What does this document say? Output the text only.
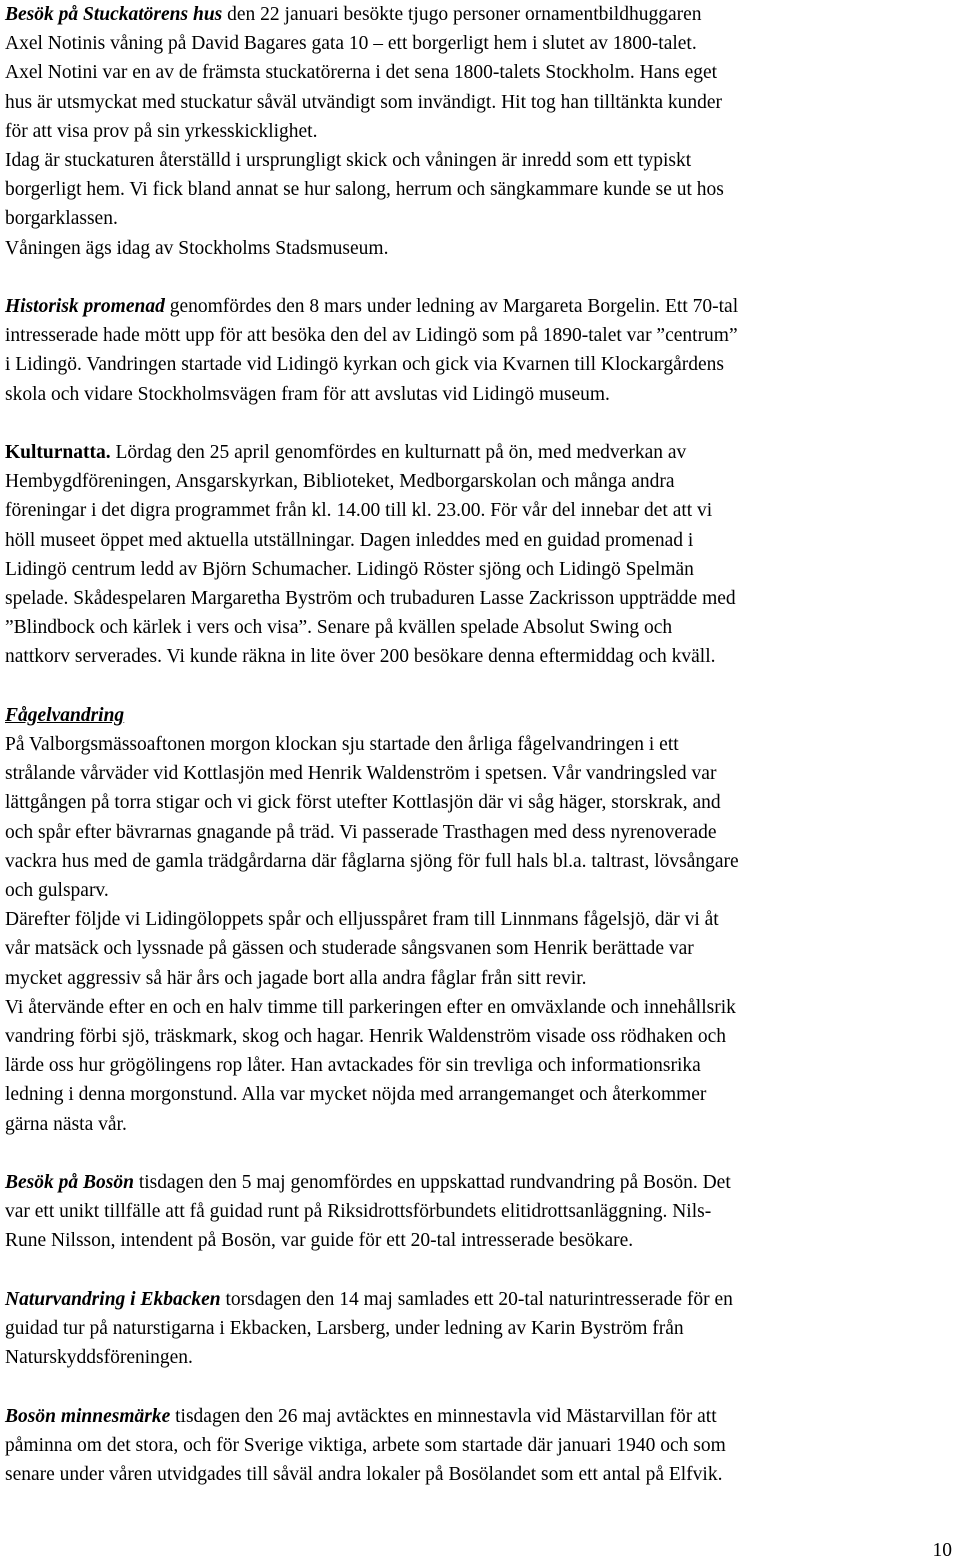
Besök på Stuckatörens hus den 22 januari besökte tjugo personer ornamentbildhuggaren
Axel Notinis våning på David Bagares gata 10 – ett borgerligt hem i slutet av 1800-talet.
Axel Notini var en av de främsta stuckatörerna i det sena 1800-talets Stockholm. Hans eget
hus är utsmyckat med stuckatur såväl utvändigt som invändigt. Hit tog han tilltänkta kunder
för att visa prov på sin yrkesskicklighet.
Idag är stuckaturen återställd i ursprungligt skick och våningen är inredd som ett typiskt
borgerligt hem. Vi fick bland annat se hur salong, herrum och sängkammare kunde se ut hos
borgarklassen.
Våningen ägs idag av Stockholms Stadsmuseum.
Historisk promenad genomfördes den 8 mars under ledning av Margareta Borgelin. Ett 70-tal
intresserade hade mött upp för att besöka den del av Lidingö som på 1890-talet var ”centrum”
i Lidingö. Vandringen startade vid Lidingö kyrkan och gick via Kvarnen till Klockargårdens
skola och vidare Stockholmsvägen fram för att avslutas vid Lidingö museum.
Kulturnatta. Lördag den 25 april genomfördes en kulturnatt på ön, med medverkan av
Hembygdföreningen, Ansgarskyrkan, Biblioteket, Medborgarskolan och många andra
föreningar i det digra programmet från kl. 14.00 till kl. 23.00. För vår del innebar det att vi
höll museet öppet med aktuella utställningar. Dagen inleddes med en guidad promenad i
Lidingö centrum ledd av Björn Schumacher. Lidingö Röster sjöng och Lidingö Spelmän
spelade. Skådespelaren Margaretha Byström och trubaduren Lasse Zackrisson uppträdde med
”Blindbock och kärlek i vers och visa”. Senare på kvällen spelade Absolut Swing och
nattkorv serverades. Vi kunde räkna in lite över 200 besökare denna eftermiddag och kväll.
Fågelvandring
På Valborgsmässoaftonen morgon klockan sju startade den årliga fågelvandringen i ett
strålande vårväder vid Kottlasjön med Henrik Waldenström i spetsen. Vår vandringsled var
lättgången på torra stigar och vi gick först utefter Kottlasjön där vi såg häger, storskrak, and
och spår efter bävrarnas gnagande på träd. Vi passerade Trasthagen med dess nyrenoverade
vackra hus med de gamla trädgårdarna där fåglarna sjöng för full hals bl.a. taltrast, lövsångare
och gulsparv.
Därefter följde vi Lidingöloppets spår och elljusspåret fram till Linnmans fågelsjö, där vi åt
vår matsäck och lyssnade på gässen och studerade sångsvanen som Henrik berättade var
mycket aggressiv så här års och jagade bort alla andra fåglar från sitt revir.
Vi återvände efter en och en halv timme till parkeringen efter en omväxlande och innehållsrik
vandring förbi sjö, träskmark, skog och hagar. Henrik Waldenström visade oss rödhaken och
lärde oss hur grögölingens rop låter. Han avtackades för sin trevliga och informationsrika
ledning i denna morgonstund. Alla var mycket nöjda med arrangemanget och återkommer
gärna nästa vår.
Besök på Bosön tisdagen den 5 maj genomfördes en uppskattad rundvandring på Bosön. Det
var ett unikt tillfälle att få guidad runt på Riksidrottsförbundets elitidrottsanläggning. Nils-
Rune Nilsson, intendent på Bosön, var guide för ett 20-tal intresserade besökare.
Naturvandring i Ekbacken torsdagen den 14 maj samlades ett 20-tal naturintresserade för en
guidad tur på naturstigarna i Ekbacken, Larsberg, under ledning av Karin Byström från
Naturskyddsföreningen.
Bosön minnesmärke tisdagen den 26 maj avtäcktes en minnestavla vid Mästarvillan för att
påminna om det stora, och för Sverige viktiga, arbete som startade där januari 1940 och som
senare under våren utvidgades till såväl andra lokaler på Bosölandet som ett antal på Elfvik.
10
